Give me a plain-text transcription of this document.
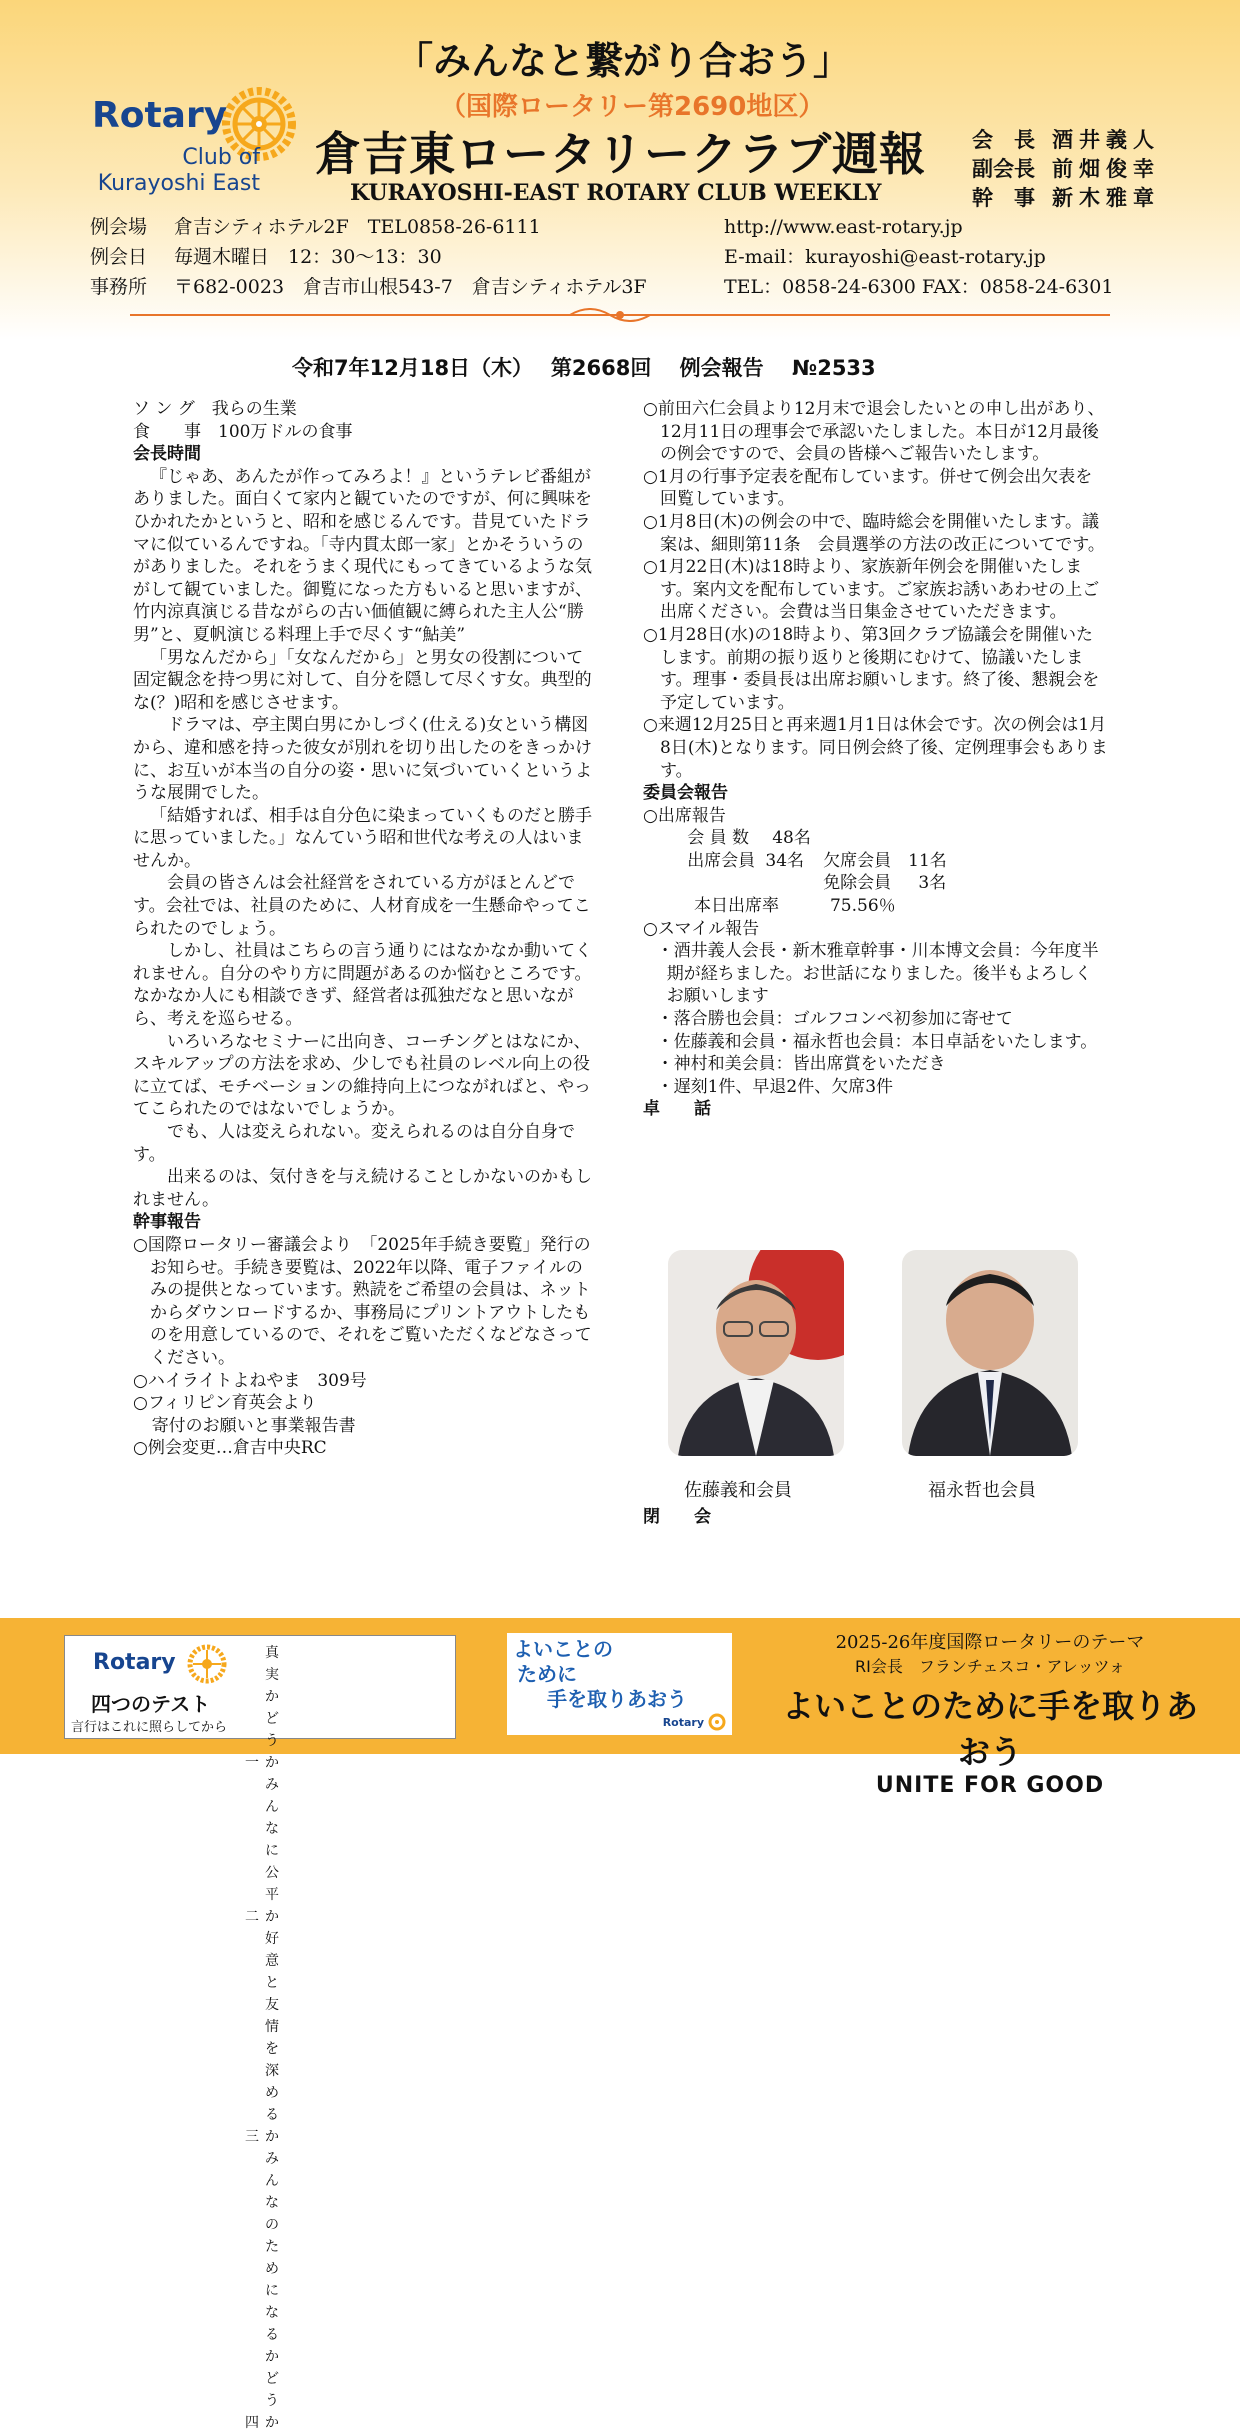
Rotary
Club of
Kurayoshi East
「みんなと繋がり合おう」
（国際ロータリー第2690地区）
倉吉東ロータリークラブ週報
KURAYOSHI-EAST ROTARY CLUB WEEKLY
会　長 酒井義人
副会長 前畑俊幸
幹　事 新木雅章
例会場 倉吉シティホテル2F　TEL0858-26-6111
例会日 毎週木曜日　12：30～13：30
事務所 〒682-0023　倉吉市山根543-7　倉吉シティホテル3F
http://www.east-rotary.jp
E-mail：kurayoshi@east-rotary.jp
TEL：0858-24-6300 FAX：0858-24-6301
令和7年12月18日（木）　 第2668回　 例会報告　 №2533

ソ ン グ　我らの生業

食　　事　100万ドルの食事

会長時間

『じゃあ、あんたが作ってみろよ！』というテレビ番組がありました。面白くて家内と観ていたのですが、何に興味をひかれたかというと、昭和を感じるんです。昔見ていたドラマに似ているんですね。「寺内貫太郎一家」とかそういうのがありました。それをうまく現代にもってきているような気がして観ていました。御覧になった方もいると思いますが、竹内涼真演じる昔ながらの古い価値観に縛られた主人公“勝男”と、夏帆演じる料理上手で尽くす“鮎美”

「男なんだから」「女なんだから」と男女の役割について固定観念を持つ男に対して、自分を隠して尽くす女。典型的な(？)昭和を感じさせます。

ドラマは、亭主関白男にかしづく(仕える)女という構図から、違和感を持った彼女が別れを切り出したのをきっかけに、お互いが本当の自分の姿・思いに気づいていくというような展開でした。

「結婚すれば、相手は自分色に染まっていくものだと勝手に思っていました。」なんていう昭和世代な考えの人はいませんか。

会員の皆さんは会社経営をされている方がほとんどです。会社では、社員のために、人材育成を一生懸命やってこられたのでしょう。

しかし、社員はこちらの言う通りにはなかなか動いてくれません。自分のやり方に問題があるのか悩むところです。なかなか人にも相談できず、経営者は孤独だなと思いながら、考えを巡らせる。

いろいろなセミナーに出向き、コーチングとはなにか、スキルアップの方法を求め、少しでも社員のレベル向上の役に立てば、モチベーションの維持向上につながればと、やってこられたのではないでしょうか。

でも、人は変えられない。変えられるのは自分自身です。

出来るのは、気付きを与え続けることしかないのかもしれません。

幹事報告

○国際ロータリー審議会より　「2025年手続き要覧」発行のお知らせ。手続き要覧は、2022年以降、電子ファイルのみの提供となっています。熟読をご希望の会員は、ネットからダウンロードするか、事務局にプリントアウトしたものを用意しているので、それをご覧いただくなどなさってください。

○ハイライトよねやま　309号

○フィリピン育英会より

寄付のお願いと事業報告書

○例会変更…倉吉中央RC

○前田六仁会員より12月末で退会したいとの申し出があり、12月11日の理事会で承認いたしました。本日が12月最後の例会ですので、会員の皆様へご報告いたします。

○1月の行事予定表を配布しています。併せて例会出欠表を回覧しています。

○1月8日(木)の例会の中で、臨時総会を開催いたします。議案は、細則第11条　会員選挙の方法の改正についてです。

○1月22日(木)は18時より、家族新年例会を開催いたします。案内文を配布しています。ご家族お誘いあわせの上ご出席ください。会費は当日集金させていただきます。

○1月28日(水)の18時より、第3回クラブ協議会を開催いたします。前期の振り返りと後期にむけて、協議いたします。理事・委員長は出席お願いします。終了後、懇親会を予定しています。

○来週12月25日と再来週1月1日は休会です。次の例会は1月8日(木)となります。同日例会終了後、定例理事会もあります。

委員会報告

○出席報告

会 員 数 48名
出席会員 34名 欠席会員 11名
免除会員 3名
本日出席率	75.56％

○スマイル報告

・酒井義人会長・新木雅章幹事・川本博文会員：今年度半期が経ちました。お世話になりました。後半もよろしくお願いします

・落合勝也会員：ゴルフコンペ初参加に寄せて

・佐藤義和会員・福永哲也会員：本日卓話をいたします。

・神村和美会員：皆出席賞をいただき

・遅刻1件、早退2件、欠席3件

卓　　話

佐藤義和会員	福永哲也会員
閉　　会
Rotary
四つのテスト
言行はこれに照らしてから
一真実かどうか
二みんなに公平か
三好意と友情を深めるか
四みんなのためになるかどうか
よいことの
ために
手を取りあおう
Rotary
2025-26年度国際ロータリーのテーマ
RI会長　フランチェスコ・アレッツォ
よいことのために手を取りあおう
UNITE FOR GOOD
